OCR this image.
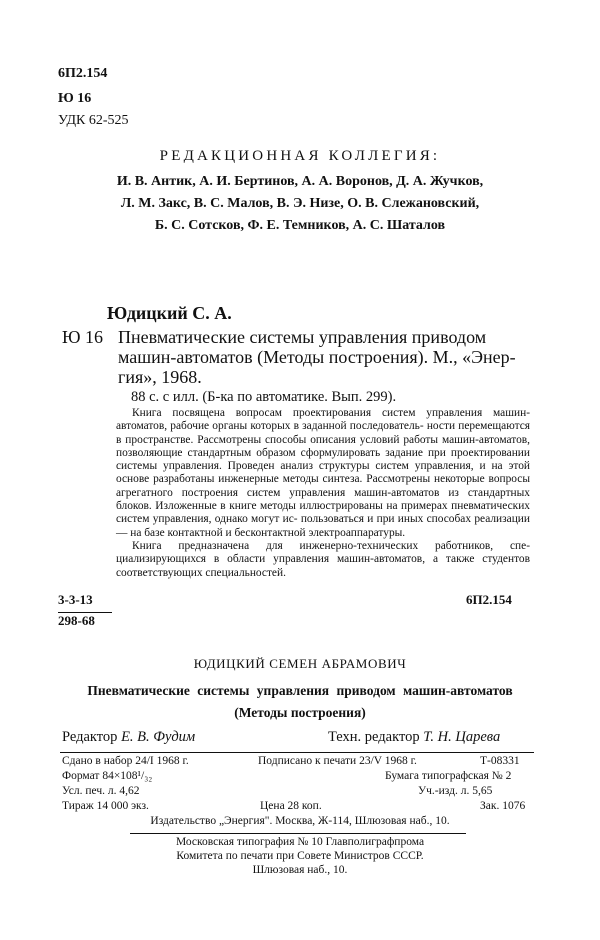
6П2.154
Ю 16
УДК 62-525
РЕДАКЦИОННАЯ КОЛЛЕГИЯ:
И. В. Антик, А. И. Бертинов, А. А. Воронов, Д. А. Жучков,
Л. М. Закс, В. С. Малов, В. Э. Низе, О. В. Слежановский,
Б. С. Сотсков, Ф. Е. Темников, А. С. Шаталов
Юдицкий С. А.
Ю 16 Пневматические системы управления приводом
машин-автоматов (Методы построения). М., «Энер-
гия», 1968.
88 с. с илл. (Б-ка по автоматике. Вып. 299).

Книга посвящена вопросам проектирования систем управления машин-автоматов, рабочие органы которых в заданной последователь- ности перемещаются в пространстве. Рассмотрены способы описания условий работы машин-автоматов, позволяющие стандартным образом сформулировать задание при проектировании системы управления. Проведен анализ структуры систем управления, и на этой основе разработаны инженерные методы синтеза. Рассмотрены некоторые вопросы агрегатного построения систем управления машин-автоматов из стандартных блоков. Изложенные в книге методы иллюстрированы на примерах пневматических систем управления, однако могут ис- пользоваться и при иных способах реализации — на базе контактной и бесконтактной электроаппаратуры.

Книга предназначена для инженерно-технических работников, спе- циализирующихся в области управления машин-автоматов, а также студентов соответствующих специальностей.

3-3-13
298-68
6П2.154
ЮДИЦКИЙ СЕМЕН АБРАМОВИЧ
Пневматические системы управления приводом машин-автоматов
(Методы построения)
Редактор Е. В. Фудим	Техн. редактор Т. Н. Царева
Сдано в набор 24/I 1968 г.	Подписано к печати 23/V 1968 г.	Т-08331
Формат 84×108¹/₃₂	Бумага типографская № 2
Усл. печ. л. 4,62	Уч.-изд. л. 5,65
Тираж 14 000 экз.	Цена 28 коп.	Зак. 1076
Издательство „Энергия". Москва, Ж-114, Шлюзовая наб., 10.
Московская типография № 10 Главполиграфпрома
Комитета по печати при Совете Министров СССР.
Шлюзовая наб., 10.
